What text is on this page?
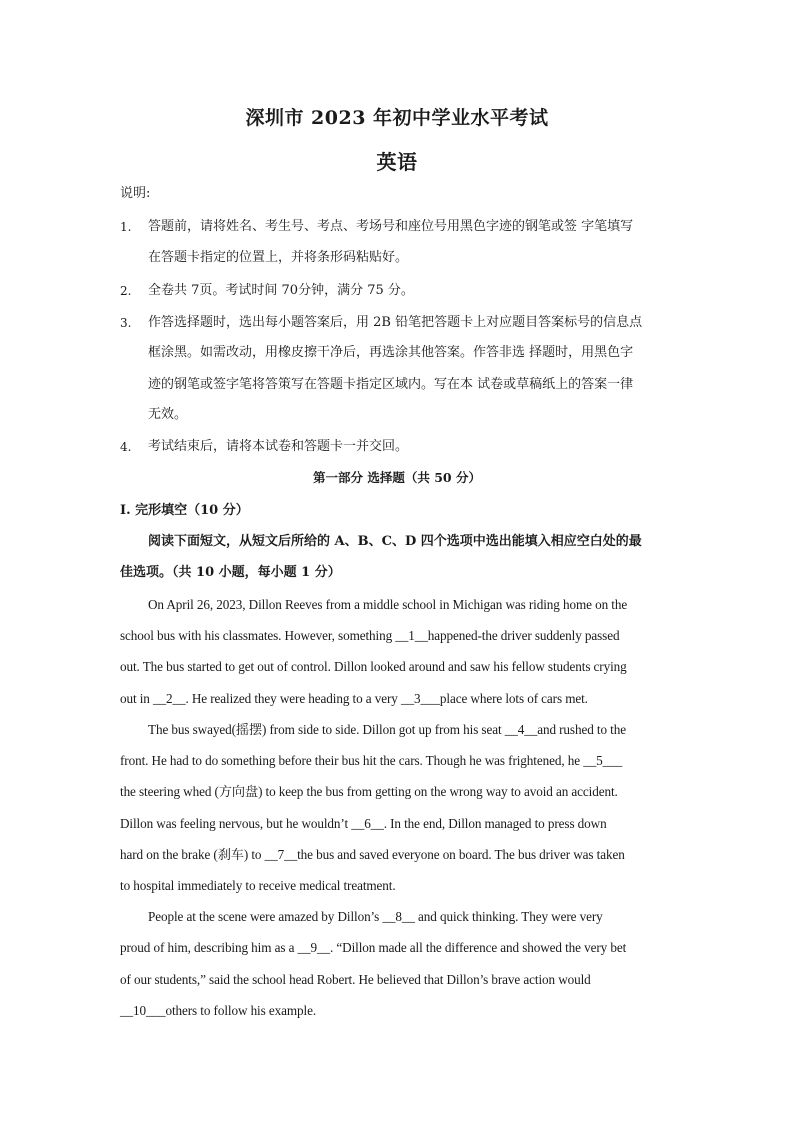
深圳市 2023 年初中学业水平考试
英语
说明:
1. 答题前，请将姓名、考生号、考点、考场号和座位号用黑色字迹的钢笔或签 字笔填写
在答题卡指定的位置上，并将条形码粘贴好。
2. 全卷共 7页。考试时间 70分钟，满分 75 分。
3. 作答选择题时，选出每小题答案后，用 2B 铅笔把答题卡上对应题目答案标号的信息点
框涂黑。如需改动，用橡皮擦干净后，再选涂其他答案。作答非选 择题时，用黑色字
迹的钢笔或签字笔将答策写在答题卡指定区域内。写在本 试卷或草稿纸上的答案一律
无效。
4. 考试结束后，请将本试卷和答题卡一并交回。
第一部分 选择题（共 50 分）
I. 完形填空（10 分）
阅读下面短文，从短文后所给的 A、B、C、D 四个选项中选出能填入相应空白处的最
佳选项。（共 10 小题，每小题 1 分）
On April 26, 2023, Dillon Reeves from a middle school in Michigan was riding home on the
school bus with his classmates. However, something __1__happened-the driver suddenly passed
out. The bus started to get out of control. Dillon looked around and saw his fellow students crying
out in __2__. He realized they were heading to a very __3___place where lots of cars met.
The bus swayed(摇摆) from side to side. Dillon got up from his seat __4__and rushed to the
front. He had to do something before their bus hit the cars. Though he was frightened, he __5___
the steering whed (方向盘) to keep the bus from getting on the wrong way to avoid an accident.
Dillon was feeling nervous, but he wouldn’t __6__. In the end, Dillon managed to press down
hard on the brake (刹车) to __7__the bus and saved everyone on board. The bus driver was taken
to hospital immediately to receive medical treatment.
People at the scene were amazed by Dillon’s __8__ and quick thinking. They were very
proud of him, describing him as a __9__. “Dillon made all the difference and showed the very bet
of our students,” said the school head Robert. He believed that Dillon’s brave action would
__10___others to follow his example.
